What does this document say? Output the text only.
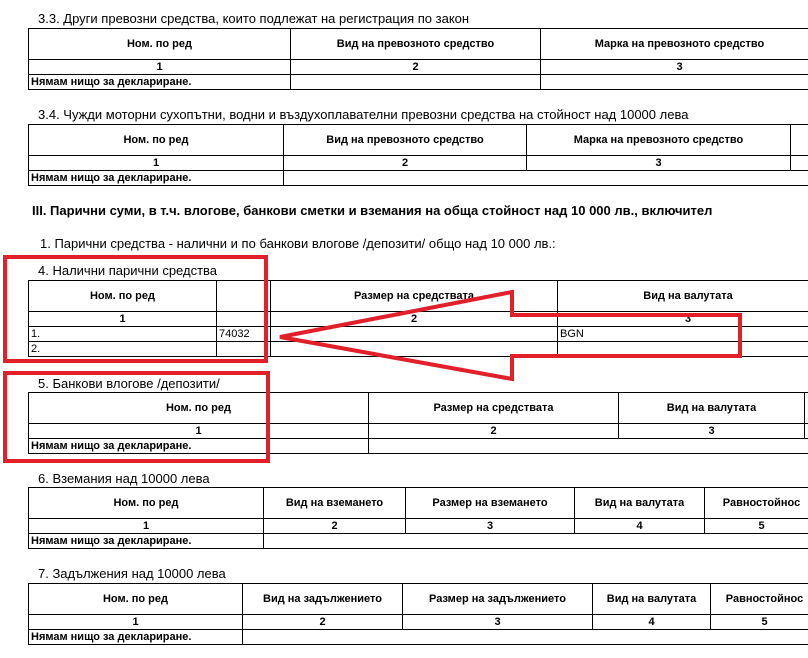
3.3. Други превозни средства, които подлежат на регистрация по закон
Ном. по ред	Вид на превозното средство	Марка на превозното средство
1	2	3
Нямам нищо за деклариране.		
3.4. Чужди моторни сухопътни, водни и въздухоплавателни превозни средства на стойност над 10000 лева
Ном. по ред	Вид на превозното средство	Марка на превозното средство	
1	2	3	
Нямам нищо за деклариране.			
III. Парични суми, в т.ч. влогове, банкови сметки и вземания на обща стойност над 10 000 лв., включител
1. Парични средства - налични и по банкови влогове /депозити/ общо над 10 000 лв.:
4. Налични парични средства
Ном. по ред		Размер на средствата	Вид на валутата
1		2	3
1.	74032		BGN
2.			
5. Банкови влогове /депозити/
Ном. по ред	Размер на средствата	Вид на валутата	
1	2	3	
Нямам нищо за деклариране.			
6. Вземания над 10000 лева
Ном. по ред	Вид на вземането	Размер на вземането	Вид на валутата	Равностойнос
1	2	3	4	5
Нямам нищо за деклариране.				
7. Задължения над 10000 лева
Ном. по ред	Вид на задължението	Размер на задължението	Вид на валутата	Равностойнос
1	2	3	4	5
Нямам нищо за деклариране.				
